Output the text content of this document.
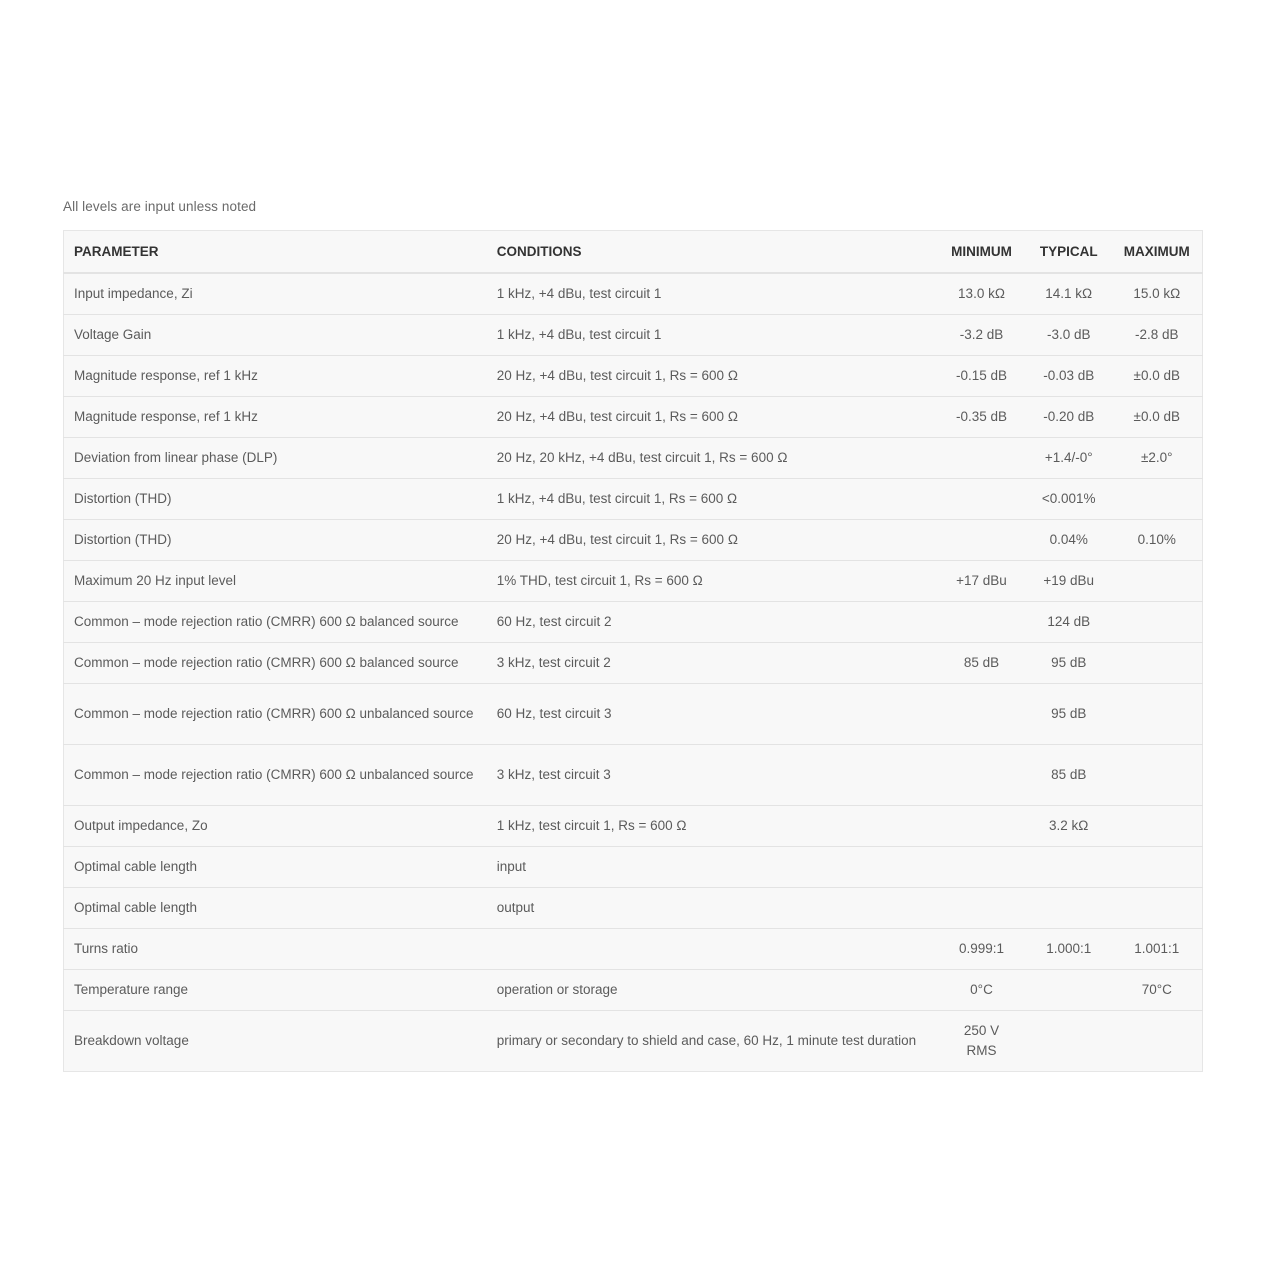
All levels are input unless noted
PARAMETER	CONDITIONS	MINIMUM	TYPICAL	MAXIMUM
Input impedance, Zi	1 kHz, +4 dBu, test circuit 1	13.0 kΩ	14.1 kΩ	15.0 kΩ
Voltage Gain	1 kHz, +4 dBu, test circuit 1	-3.2 dB	-3.0 dB	-2.8 dB
Magnitude response, ref 1 kHz	20 Hz, +4 dBu, test circuit 1, Rs = 600 Ω	-0.15 dB	-0.03 dB	±0.0 dB
Magnitude response, ref 1 kHz	20 Hz, +4 dBu, test circuit 1, Rs = 600 Ω	-0.35 dB	-0.20 dB	±0.0 dB
Deviation from linear phase (DLP)	20 Hz, 20 kHz, +4 dBu, test circuit 1, Rs = 600 Ω		+1.4/-0°	±2.0°
Distortion (THD)	1 kHz, +4 dBu, test circuit 1, Rs = 600 Ω		<0.001%	
Distortion (THD)	20 Hz, +4 dBu, test circuit 1, Rs = 600 Ω		0.04%	0.10%
Maximum 20 Hz input level	1% THD, test circuit 1, Rs = 600 Ω	+17 dBu	+19 dBu	
Common – mode rejection ratio (CMRR) 600 Ω balanced source	60 Hz, test circuit 2		124 dB	
Common – mode rejection ratio (CMRR) 600 Ω balanced source	3 kHz, test circuit 2	85 dB	95 dB	
Common – mode rejection ratio (CMRR) 600 Ω unbalanced source	60 Hz, test circuit 3		95 dB	
Common – mode rejection ratio (CMRR) 600 Ω unbalanced source	3 kHz, test circuit 3		85 dB	
Output impedance, Zo	1 kHz, test circuit 1, Rs = 600 Ω		3.2 kΩ	
Optimal cable length	input			
Optimal cable length	output			
Turns ratio		0.999:1	1.000:1	1.001:1
Temperature range	operation or storage	0°C		70°C
Breakdown voltage	primary or secondary to shield and case, 60 Hz, 1 minute test duration	250 V RMS		
